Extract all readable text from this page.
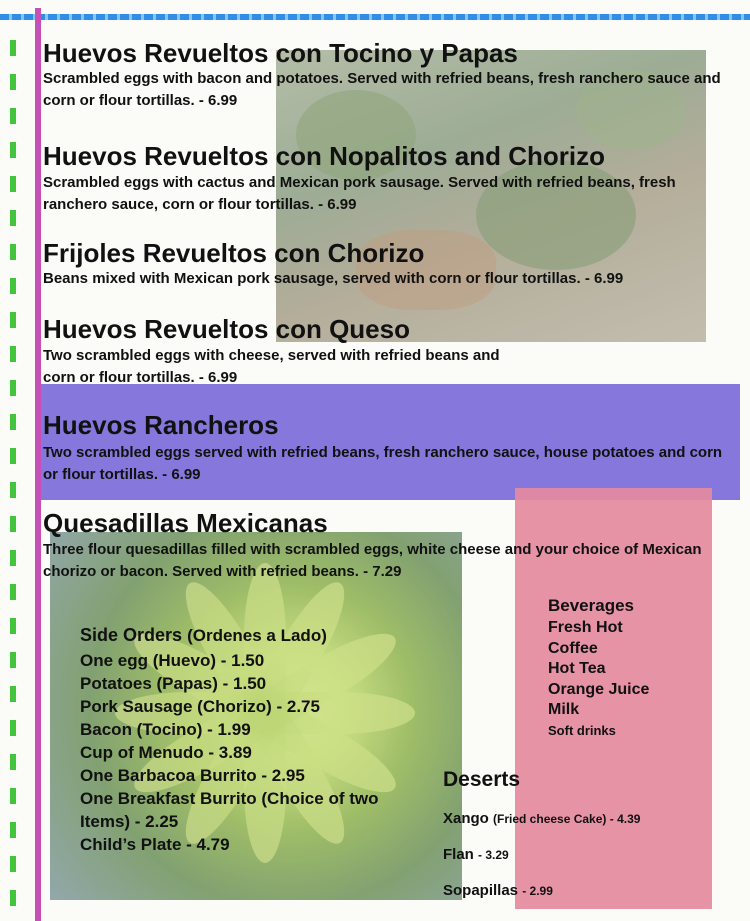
Huevos Revueltos con Tocino y Papas
Scrambled eggs with bacon and potatoes. Served with refried beans, fresh ranchero sauce and corn or flour tortillas. - 6.99
Huevos Revueltos con Nopalitos and Chorizo
Scrambled eggs with cactus and Mexican pork sausage. Served with refried beans, fresh ranchero sauce, corn or flour tortillas. - 6.99
Frijoles Revueltos con Chorizo
Beans mixed with Mexican pork sausage, served with corn or flour tortillas. - 6.99
Huevos Revueltos con Queso
Two scrambled eggs with cheese, served with refried beans and corn or flour tortillas. - 6.99
Huevos Rancheros
Two scrambled eggs served with refried beans, fresh ranchero sauce, house potatoes and corn or flour tortillas. - 6.99
Quesadillas Mexicanas
Three flour quesadillas filled with scrambled eggs, white cheese and your choice of Mexican chorizo or bacon. Served with refried beans. - 7.29
Side Orders (Ordenes a Lado)
One egg (Huevo) - 1.50
Potatoes (Papas) - 1.50
Pork Sausage (Chorizo) - 2.75
Bacon (Tocino) - 1.99
Cup of Menudo - 3.89
One Barbacoa Burrito - 2.95
One Breakfast Burrito (Choice of two Items) - 2.25
Child’s Plate - 4.79
Beverages
Fresh Hot
Coffee
Hot Tea
Orange Juice
Milk
Soft drinks
Deserts
Xango (Fried cheese Cake) - 4.39
Flan - 3.29
Sopapillas - 2.99
